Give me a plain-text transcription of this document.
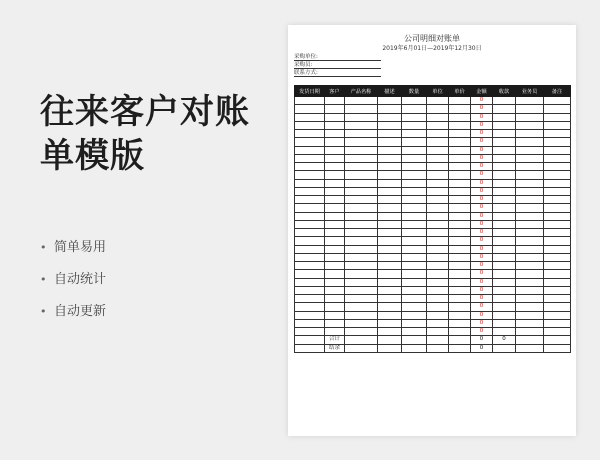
往来客户对账单模版
• 简单易用
• 自动统计
• 自动更新
公司明细对账单
2019年6月01日—2019年12月30日
采购单位:
采购员:
联系方式:
发货日期	客户	产品名称	描述	数量	单位	单价	金额	收款	业务员	备注
							0			
							0			
							0			
							0			
							0			
							0			
							0			
							0			
							0			
							0			
							0			
							0			
							0			
							0			
							0			
							0			
							0			
							0			
							0			
							0			
							0			
							0			
							0			
							0			
							0			
							0			
							0			
							0			
							0			
	合计						0	0		
	结余						0			
